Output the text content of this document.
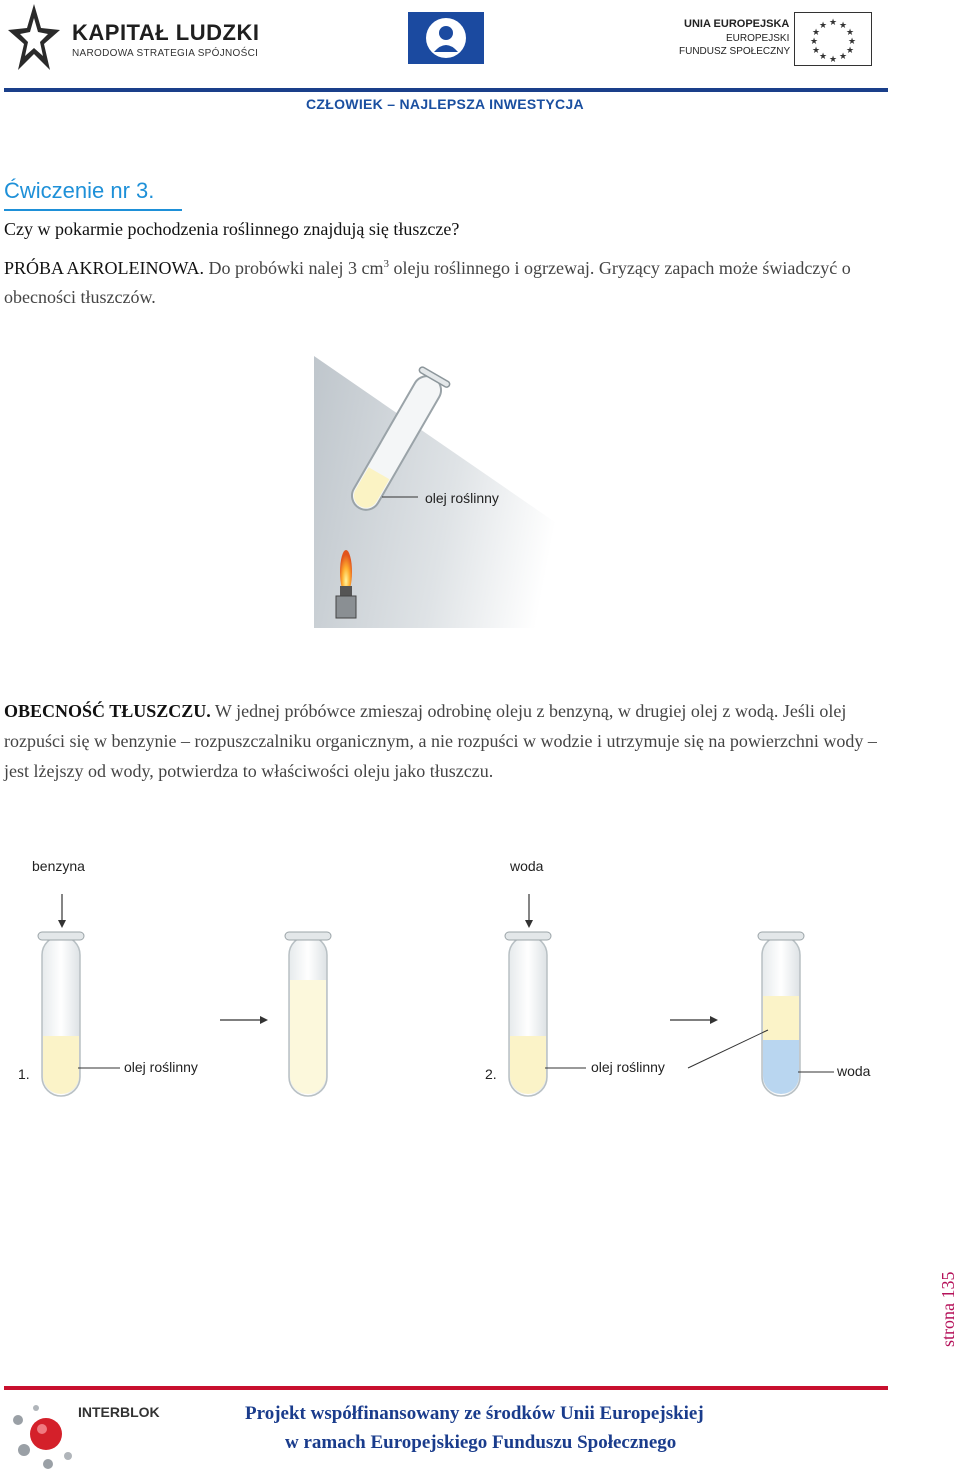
KAPITAŁ LUDZKI
NARODOWA STRATEGIA SPÓJNOŚCI
UNIA EUROPEJSKA
EUROPEJSKI
FUNDUSZ SPOŁECZNY
★ ★
★
★
★
★
★
★
★
★
★
★
CZŁOWIEK – NAJLEPSZA INWESTYCJA
Ćwiczenie nr 3.
Czy w pokarmie pochodzenia roślinnego znajdują się tłuszcze?
PRÓBA AKROLEINOWA. Do probówki nalej 3 $cm^3$ oleju roślinnego i ogrzewaj. Gryzący zapach może świadczyć o obecności tłuszczów.
olej roślinny
OBECNOŚĆ TŁUSZCZU. W jednej próbówce zmieszaj odrobinę oleju z benzyną, w drugiej olej z wodą. Jeśli olej rozpuści się w benzynie – rozpuszczalniku organicznym, a nie rozpuści w wodzie i utrzymuje się na powierzchni wody – jest lżejszy od wody, potwierdza to właściwości oleju jako tłuszczu.
benzyna	woda
1.	olej roślinny	2.	olej roślinny	woda
strona 135
INTERBLOK	Projekt współfinansowany ze środków Unii Europejskiej
w ramach Europejskiego Funduszu Społecznego
